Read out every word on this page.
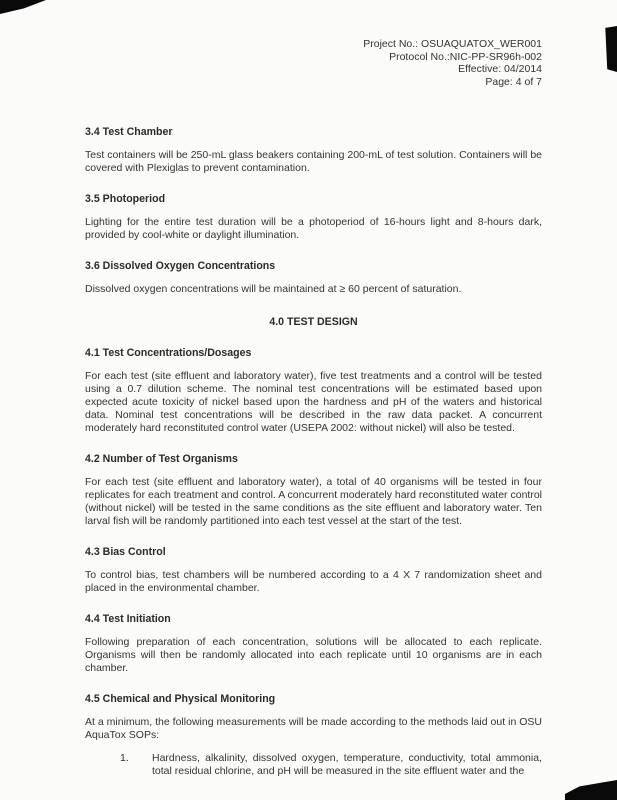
Project No.: OSUAQUATOX_WER001
Protocol No.:NIC-PP-SR96h-002
Effective: 04/2014
Page: 4 of 7
3.4 Test Chamber

Test containers will be 250-mL glass beakers containing 200-mL of test solution. Containers will be covered with Plexiglas to prevent contamination.

3.5 Photoperiod

Lighting for the entire test duration will be a photoperiod of 16-hours light and 8-hours dark, provided by cool-white or daylight illumination.

3.6 Dissolved Oxygen Concentrations

Dissolved oxygen concentrations will be maintained at ≥ 60 percent of saturation.

4.0 TEST DESIGN
4.1 Test Concentrations/Dosages

For each test (site effluent and laboratory water), five test treatments and a control will be tested using a 0.7 dilution scheme. The nominal test concentrations will be estimated based upon expected acute toxicity of nickel based upon the hardness and pH of the waters and historical data. Nominal test concentrations will be described in the raw data packet. A concurrent moderately hard reconstituted control water (USEPA 2002: without nickel) will also be tested.

4.2 Number of Test Organisms

For each test (site effluent and laboratory water), a total of 40 organisms will be tested in four replicates for each treatment and control. A concurrent moderately hard reconstituted water control (without nickel) will be tested in the same conditions as the site effluent and laboratory water. Ten larval fish will be randomly partitioned into each test vessel at the start of the test.

4.3 Bias Control

To control bias, test chambers will be numbered according to a 4 X 7 randomization sheet and placed in the environmental chamber.

4.4 Test Initiation

Following preparation of each concentration, solutions will be allocated to each replicate. Organisms will then be randomly allocated into each replicate until 10 organisms are in each chamber.

4.5 Chemical and Physical Monitoring

At a minimum, the following measurements will be made according to the methods laid out in OSU AquaTox SOPs:

1.	Hardness, alkalinity, dissolved oxygen, temperature, conductivity, total ammonia, total residual chlorine, and pH will be measured in the site effluent water and the
